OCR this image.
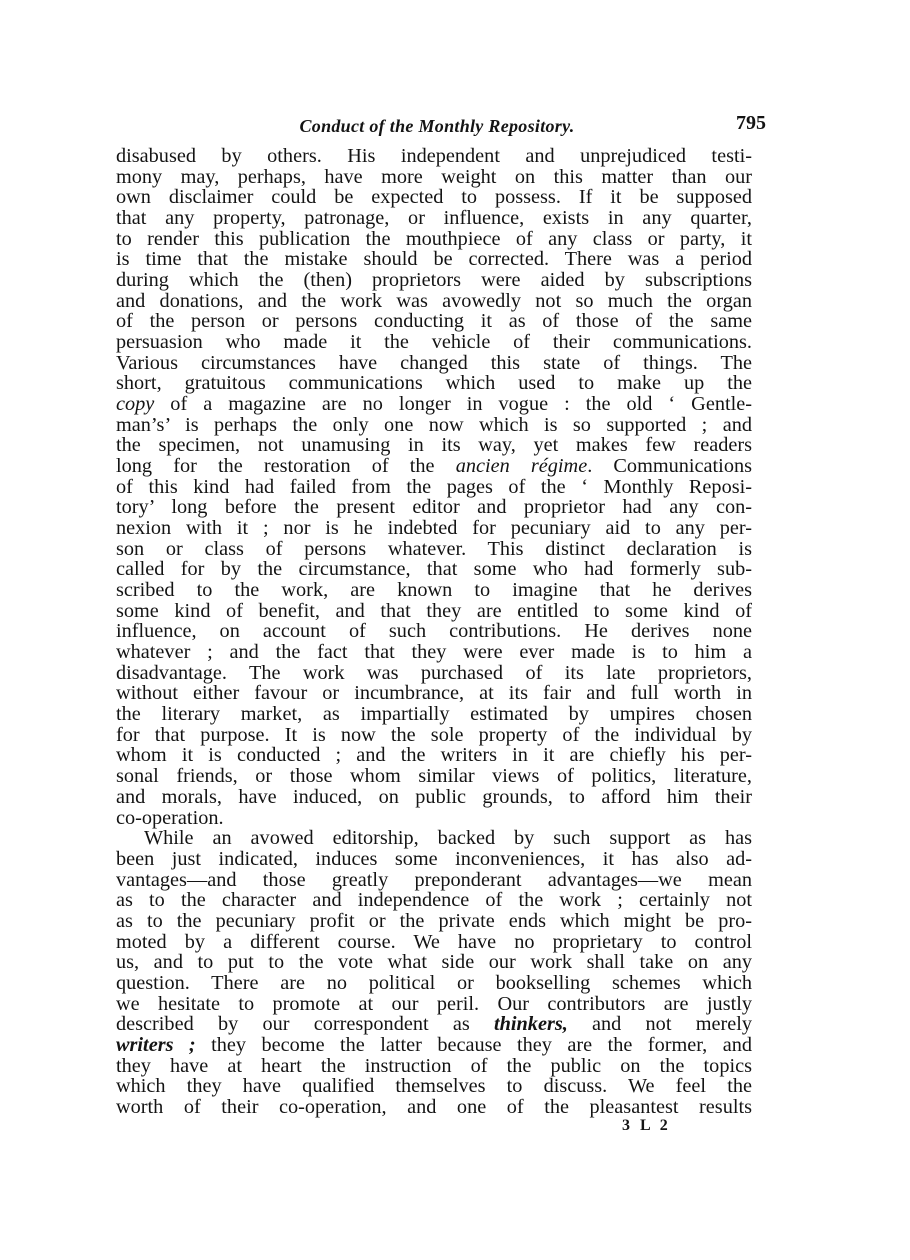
Conduct of the Monthly Repository.	795
disabused by others. His independent and unprejudiced testi-
mony may, perhaps, have more weight on this matter than our
own disclaimer could be expected to possess. If it be supposed
that any property, patronage, or influence, exists in any quarter,
to render this publication the mouthpiece of any class or party, it
is time that the mistake should be corrected. There was a period
during which the (then) proprietors were aided by subscriptions
and donations, and the work was avowedly not so much the organ
of the person or persons conducting it as of those of the same
persuasion who made it the vehicle of their communications.
Various circumstances have changed this state of things. The
short, gratuitous communications which used to make up the
copy of a magazine are no longer in vogue : the old ‘ Gentle-
man’s’ is perhaps the only one now which is so supported ; and
the specimen, not unamusing in its way, yet makes few readers
long for the restoration of the ancien régime. Communications
of this kind had failed from the pages of the ‘ Monthly Reposi-
tory’ long before the present editor and proprietor had any con-
nexion with it ; nor is he indebted for pecuniary aid to any per-
son or class of persons whatever. This distinct declaration is
called for by the circumstance, that some who had formerly sub-
scribed to the work, are known to imagine that he derives
some kind of benefit, and that they are entitled to some kind of
influence, on account of such contributions. He derives none
whatever ; and the fact that they were ever made is to him a
disadvantage. The work was purchased of its late proprietors,
without either favour or incumbrance, at its fair and full worth in
the literary market, as impartially estimated by umpires chosen
for that purpose. It is now the sole property of the individual by
whom it is conducted ; and the writers in it are chiefly his per-
sonal friends, or those whom similar views of politics, literature,
and morals, have induced, on public grounds, to afford him their
co-operation.
While an avowed editorship, backed by such support as has
been just indicated, induces some inconveniences, it has also ad-
vantages—and those greatly preponderant advantages—we mean
as to the character and independence of the work ; certainly not
as to the pecuniary profit or the private ends which might be pro-
moted by a different course. We have no proprietary to control
us, and to put to the vote what side our work shall take on any
question. There are no political or bookselling schemes which
we hesitate to promote at our peril. Our contributors are justly
described by our correspondent as thinkers, and not merely
writers ; they become the latter because they are the former, and
they have at heart the instruction of the public on the topics
which they have qualified themselves to discuss. We feel the
worth of their co-operation, and one of the pleasantest results
3 L 2
